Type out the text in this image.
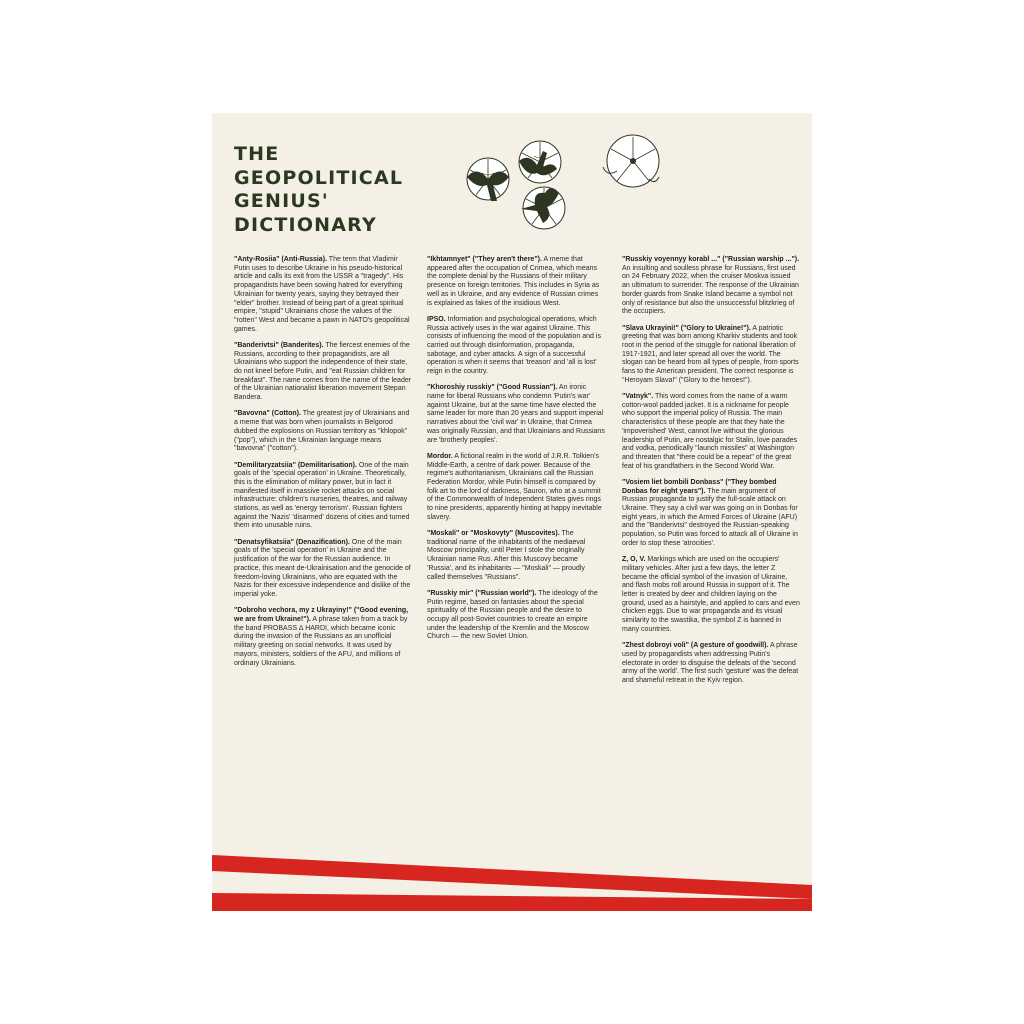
THE
GEOPOLITICAL
GENIUS'
DICTIONARY

"Anty-Rosiia" (Anti-Russia). The term that Vladimir Putin uses to describe Ukraine in his pseudo-historical article and calls its exit from the USSR a "tragedy". His propagandists have been sowing hatred for everything Ukrainian for twenty years, saying they betrayed their "elder" brother. Instead of being part of a great spiritual empire, "stupid" Ukrainians chose the values of the "rotten" West and became a pawn in NATO's geopolitical games.

"Banderivtsi" (Banderites). The fiercest enemies of the Russians, according to their propagandists, are all Ukrainians who support the independence of their state, do not kneel before Putin, and "eat Russian children for breakfast". The name comes from the name of the leader of the Ukrainian nationalist liberation movement Stepan Bandera.

"Bavovna" (Cotton). The greatest joy of Ukrainians and a meme that was born when journalists in Belgorod dubbed the explosions on Russian territory as "khlopok" ("pop"), which in the Ukrainian language means "bavovna" ("cotton").

"Demilitaryzatsiia" (Demilitarisation). One of the main goals of the 'special operation' in Ukraine. Theoretically, this is the elimination of military power, but in fact it manifested itself in massive rocket attacks on social infrastructure: children's nurseries, theatres, and railway stations, as well as 'energy terrorism'. Russian fighters against the 'Nazis' 'disarmed' dozens of cities and turned them into unusable ruins.

"Denatsyfikatsiia" (Denazification). One of the main goals of the 'special operation' in Ukraine and the justification of the war for the Russian audience. In practice, this meant de-Ukrainisation and the genocide of freedom-loving Ukrainians, who are equated with the Nazis for their excessive independence and dislike of the imperial yoke.

"Dobroho vechora, my z Ukrayiny!" ("Good evening, we are from Ukraine!"). A phrase taken from a track by the band PROBASS ∆ HARDI, which became iconic during the invasion of the Russians as an unofficial military greeting on social networks. It was used by mayors, ministers, soldiers of the AFU, and millions of ordinary Ukrainians.

"Ikhtamnyet" ("They aren't there"). A meme that appeared after the occupation of Crimea, which means the complete denial by the Russians of their military presence on foreign territories. This includes in Syria as well as in Ukraine, and any evidence of Russian crimes is explained as fakes of the insidious West.

IPSO. Information and psychological operations, which Russia actively uses in the war against Ukraine. This consists of influencing the mood of the population and is carried out through disinformation, propaganda, sabotage, and cyber attacks. A sign of a successful operation is when it seems that 'treason' and 'all is lost' reign in the country.

"Khoroshiy russkiy" ("Good Russian"). An ironic name for liberal Russians who condemn 'Putin's war' against Ukraine, but at the same time have elected the same leader for more than 20 years and support imperial narratives about the 'civil war' in Ukraine, that Crimea was originally Russian, and that Ukrainians and Russians are 'brotherly peoples'.

Mordor. A fictional realm in the world of J.R.R. Tolkien's Middle-Earth, a centre of dark power. Because of the regime's authoritarianism, Ukrainians call the Russian Federation Mordor, while Putin himself is compared by folk art to the lord of darkness, Sauron, who at a summit of the Commonwealth of Independent States gives rings to nine presidents, apparently hinting at happy inevitable slavery.

"Moskali" or "Moskovyty" (Muscovites). The traditional name of the inhabitants of the mediaeval Moscow principality, until Peter I stole the originally Ukrainian name Rus. After this Muscovy became 'Russia', and its inhabitants — "Moskali" — proudly called themselves "Russians".

"Russkiy mir" ("Russian world"). The ideology of the Putin regime, based on fantasies about the special spirituality of the Russian people and the desire to occupy all post-Soviet countries to create an empire under the leadership of the Kremlin and the Moscow Church — the new Soviet Union.

"Russkiy voyennyy korabl ..." ("Russian warship ..."). An insulting and soulless phrase for Russians, first used on 24 February 2022, when the cruiser Moskva issued an ultimatum to surrender. The response of the Ukrainian border guards from Snake Island became a symbol not only of resistance but also the unsuccessful blitzkrieg of the occupiers.

"Slava Ukrayini!" ("Glory to Ukraine!"). A patriotic greeting that was born among Kharkiv students and took root in the period of the struggle for national liberation of 1917-1921, and later spread all over the world. The slogan can be heard from all types of people, from sports fans to the American president. The correct response is "Heroyam Slava!" ("Glory to the heroes!").

"Vatnyk". This word comes from the name of a warm cotton-wool padded jacket. It is a nickname for people who support the imperial policy of Russia. The main characteristics of these people are that they hate the 'impoverished' West, cannot live without the glorious leadership of Putin, are nostalgic for Stalin, love parades and vodka, periodically "launch missiles" at Washington and threaten that "there could be a repeat" of the great feat of his grandfathers in the Second World War.

"Vosiem liet bombili Donbass" ("They bombed Donbas for eight years"). The main argument of Russian propaganda to justify the full-scale attack on Ukraine. They say a civil war was going on in Donbas for eight years, in which the Armed Forces of Ukraine (AFU) and the "Banderivtsi" destroyed the Russian-speaking population, so Putin was forced to attack all of Ukraine in order to stop these 'atrocities'.

Z, O, V. Markings which are used on the occupiers' military vehicles. After just a few days, the letter Z became the official symbol of the invasion of Ukraine, and flash mobs roll around Russia in support of it. The letter is created by deer and children laying on the ground, used as a hairstyle, and applied to cars and even chicken eggs. Due to war propaganda and its visual similarity to the swastika, the symbol Z is banned in many countries.

"Zhest dobroyi voli" (A gesture of goodwill). A phrase used by propagandists when addressing Putin's electorate in order to disguise the defeats of the 'second army of the world'. The first such 'gesture' was the defeat and shameful retreat in the Kyiv region.
